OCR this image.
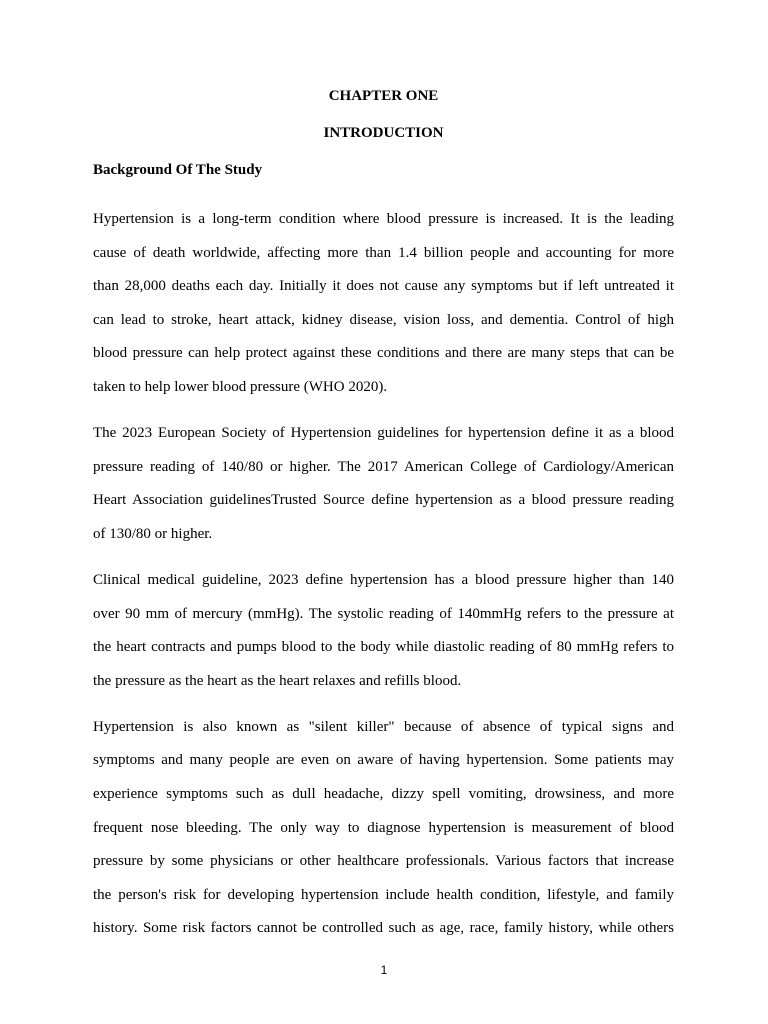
CHAPTER ONE

INTRODUCTION

Background Of The Study

Hypertension is a long-term condition where blood pressure is increased. It is the leading
cause of death worldwide, affecting more than 1.4 billion people and accounting for more
than 28,000 deaths each day. Initially it does not cause any symptoms but if left untreated it
can lead to stroke, heart attack, kidney disease, vision loss, and dementia. Control of high
blood pressure can help protect against these conditions and there are many steps that can be
taken to help lower blood pressure (WHO 2020).
The 2023 European Society of Hypertension guidelines for hypertension define it as a blood
pressure reading of 140/80 or higher. The 2017 American College of Cardiology/American
Heart Association guidelinesTrusted Source define hypertension as a blood pressure reading
of 130/80 or higher.
Clinical medical guideline, 2023 define hypertension has a blood pressure higher than 140
over 90 mm of mercury (mmHg). The systolic reading of 140mmHg refers to the pressure at
the heart contracts and pumps blood to the body while diastolic reading of 80 mmHg refers to
the pressure as the heart as the heart relaxes and refills blood.
Hypertension is also known as "silent killer" because of absence of typical signs and
symptoms and many people are even on aware of having hypertension. Some patients may
experience symptoms such as dull headache, dizzy spell vomiting, drowsiness, and more
frequent nose bleeding. The only way to diagnose hypertension is measurement of blood
pressure by some physicians or other healthcare professionals. Various factors that increase
the person's risk for developing hypertension include health condition, lifestyle, and family
history. Some risk factors cannot be controlled such as age, race, family history, while others
1
